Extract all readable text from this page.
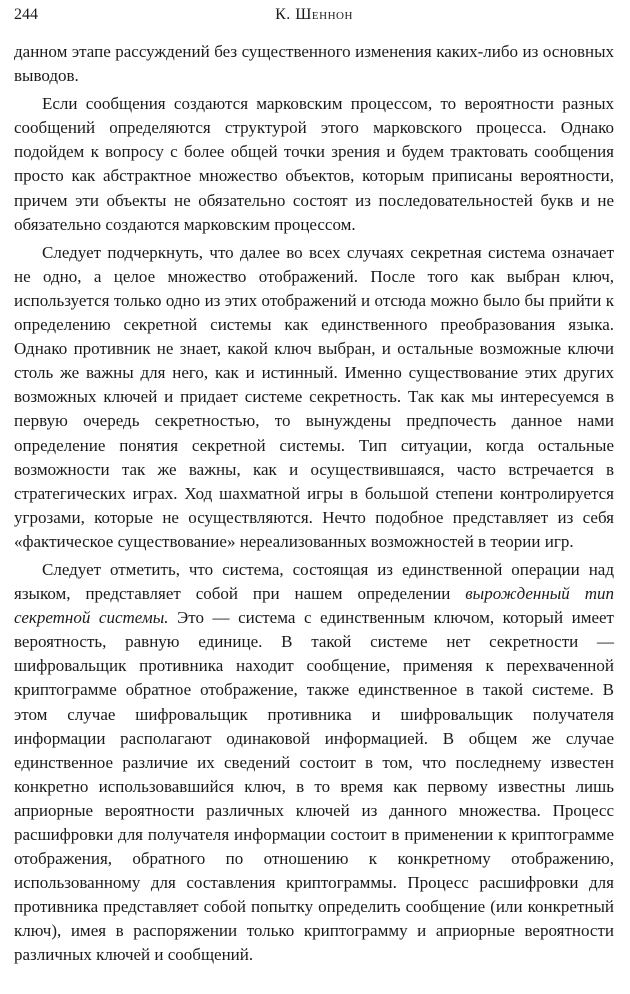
244	К. Шеннон

данном этапе рассуждений без существенного изменения каких-либо из основных выводов.

Если сообщения создаются марковским процессом, то вероятности разных сообщений определяются структурой этого марковского процесса. Однако подойдем к вопросу с более общей точки зрения и будем трактовать сообщения просто как абстрактное множество объектов, которым приписаны вероятности, причем эти объекты не обязательно состоят из последовательностей букв и не обязательно создаются марковским процессом.

Следует подчеркнуть, что далее во всех случаях секретная система означает не одно, а целое множество отображений. После того как выбран ключ, используется только одно из этих отображений и отсюда можно было бы прийти к определению секретной системы как единственного преобразования языка. Однако противник не знает, какой ключ выбран, и остальные возможные ключи столь же важны для него, как и истинный. Именно существование этих других возможных ключей и придает системе секретность. Так как мы интересуемся в первую очередь секретностью, то вынуждены предпочесть данное нами определение понятия секретной системы. Тип ситуации, когда остальные возможности так же важны, как и осуществившаяся, часто встречается в стратегических играх. Ход шахматной игры в большой степени контролируется угрозами, которые не осуществляются. Нечто подобное представляет из себя «фактическое существование» нереализованных возможностей в теории игр.

Следует отметить, что система, состоящая из единственной операции над языком, представляет собой при нашем определении вырожденный тип секретной системы. Это — система с единственным ключом, который имеет вероятность, равную единице. В такой системе нет секретности — шифровальщик противника находит сообщение, применяя к перехваченной криптограмме обратное отображение, также единственное в такой системе. В этом случае шифровальщик противника и шифровальщик получателя информации располагают одинаковой информацией. В общем же случае единственное различие их сведений состоит в том, что последнему известен конкретно использовавшийся ключ, в то время как первому известны лишь априорные вероятности различных ключей из данного множества. Процесс расшифровки для получателя информации состоит в применении к криптограмме отображения, обратного по отношению к конкретному отображению, использованному для составления криптограммы. Процесс расшифровки для противника представляет собой попытку определить сообщение (или конкретный ключ), имея в распоряжении только криптограмму и априорные вероятности различных ключей и сообщений.
